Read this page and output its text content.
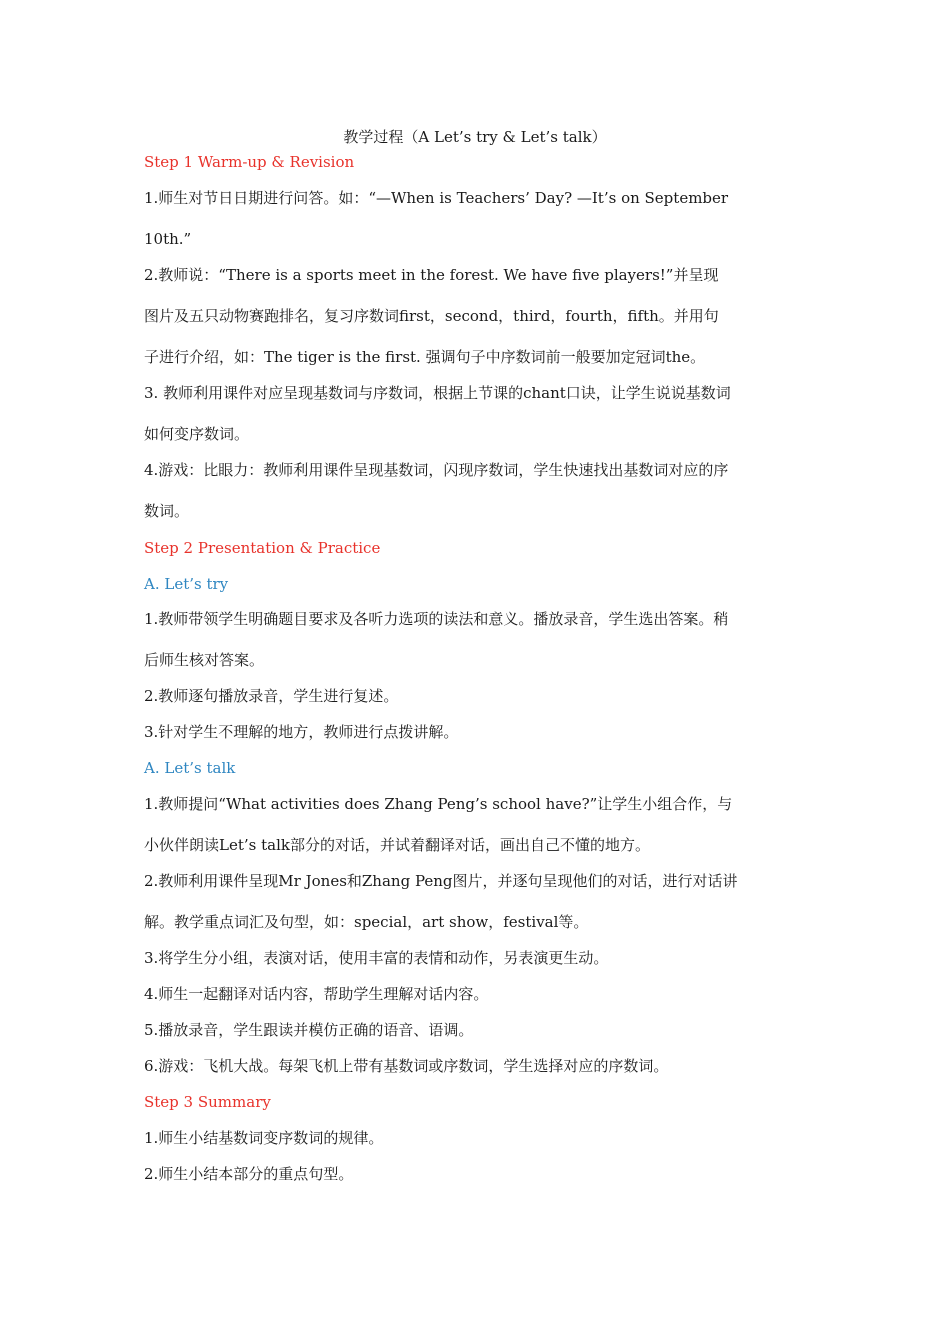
教学过程（A Let’s try & Let’s talk）
Step 1 Warm-up & Revision
1.师生对节日日期进行问答。如：“—When is Teachers’ Day? —It’s on September
10th.”
2.教师说：“There is a sports meet in the forest. We have five players!”并呈现
图片及五只动物赛跑排名，复习序数词first，second，third，fourth，fifth。并用句
子进行介绍，如：The tiger is the first. 强调句子中序数词前一般要加定冠词the。
3. 教师利用课件对应呈现基数词与序数词，根据上节课的chant口诀，让学生说说基数词
如何变序数词。
4.游戏：比眼力：教师利用课件呈现基数词，闪现序数词，学生快速找出基数词对应的序
数词。
Step 2 Presentation & Practice
A. Let’s try
1.教师带领学生明确题目要求及各听力选项的读法和意义。播放录音，学生选出答案。稍
后师生核对答案。
2.教师逐句播放录音，学生进行复述。
3.针对学生不理解的地方，教师进行点拨讲解。
A. Let’s talk
1.教师提问“What activities does Zhang Peng’s school have?”让学生小组合作，与
小伙伴朗读Let’s talk部分的对话，并试着翻译对话，画出自己不懂的地方。
2.教师利用课件呈现Mr Jones和Zhang Peng图片，并逐句呈现他们的对话，进行对话讲
解。教学重点词汇及句型，如：special，art show，festival等。
3.将学生分小组，表演对话，使用丰富的表情和动作，另表演更生动。
4.师生一起翻译对话内容，帮助学生理解对话内容。
5.播放录音，学生跟读并模仿正确的语音、语调。
6.游戏：飞机大战。每架飞机上带有基数词或序数词，学生选择对应的序数词。
Step 3 Summary
1.师生小结基数词变序数词的规律。
2.师生小结本部分的重点句型。
